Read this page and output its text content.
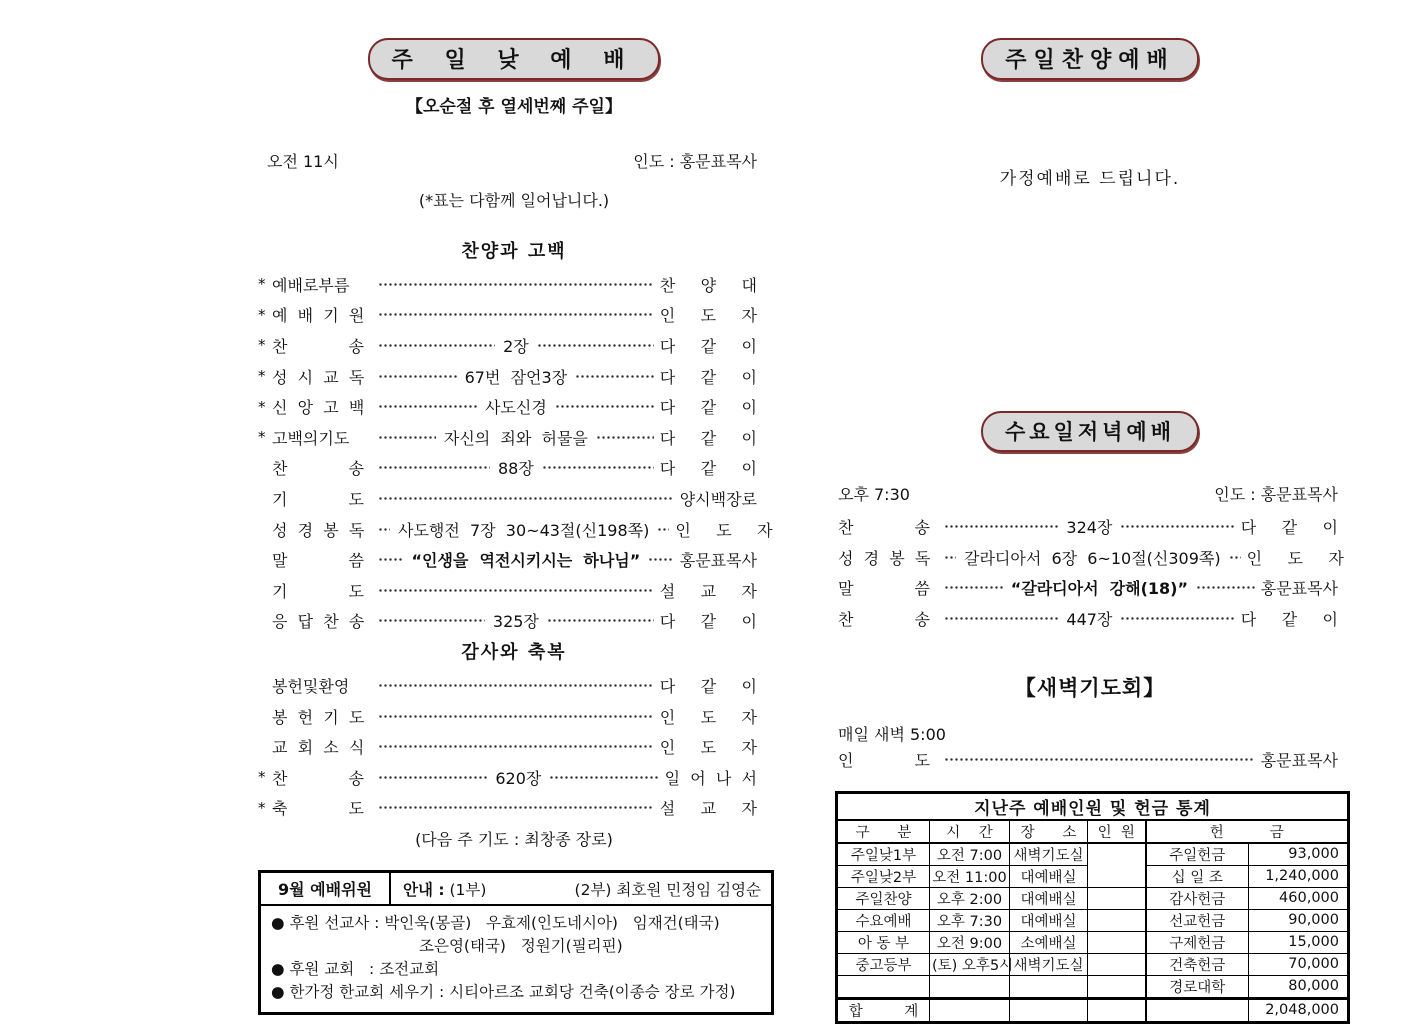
주 일 낮 예 배
【오순절 후 열세번째 주일】
오전 11시	인도 : 홍문표목사
(*표는 다함께 일어납니다.)
찬양과 고백
* 예배로부름	찬     양     대
* 예  배  기  원	인     도     자
* 찬            송	2장	다     같     이
* 성  시  교  독	67번  잠언3장	다     같     이
* 신  앙  고  백	사도신경	다     같     이
* 고백의기도	자신의  죄와  허물을	다     같     이
찬            송	88장	다     같     이
기            도	양시백장로
성  경  봉  독	사도행전  7장  30~43절(신198쪽) 인     도     자
말            씀	“인생을  역전시키시는  하나님” 홍문표목사
기            도	설     교     자
응  답  찬  송	325장	다     같     이
감사와 축복
봉헌및환영	다     같     이
봉  헌  기  도	인     도     자
교  회  소  식	인     도     자
* 찬            송	620장	일  어  나  서
* 축            도	설     교     자
(다음 주 기도 : 최창종 장로)
9월 예배위원	안내 : (1부)	(2부) 최호원 민정임 김영순
● 후원 선교사 : 박인욱(몽골)   우효제(인도네시아)   임재건(태국)
조은영(태국)   정원기(필리핀)
● 후원 교회   : 조전교회
● 한가정 한교회 세우기 : 시티아르조 교회당 건축(이종승 장로 가정)
주일찬양예배
가정예배로 드립니다.
수요일저녁예배
오후 7:30	인도 : 홍문표목사
찬            송	324장	다     같     이
성  경  봉  독	갈라디아서  6장  6~10절(신309쪽) 인     도     자
말            씀	“갈라디아서  강해(18)”	홍문표목사
찬            송	447장	다     같     이
【새벽기도회】
매일 새벽 5:00
인            도	홍문표목사
지난주 예배인원 및 헌금 통계					
구      분	시    간	장      소	인  원	헌          금	
주일낮1부	오전 7:00	새벽기도실		주일헌금	93,000
주일낮2부	오전 11:00	대예배실		십 일 조	1,240,000
주일찬양	오후 2:00	대예배실		감사헌금	460,000
수요예배	오후 7:30	대예배실		선교헌금	90,000
아 동 부	오전 9:00	소예배실		구제헌금	15,000
중고등부	(토) 오후5시	새벽기도실		건축헌금	70,000
				경로대학	80,000
합         계					2,048,000
